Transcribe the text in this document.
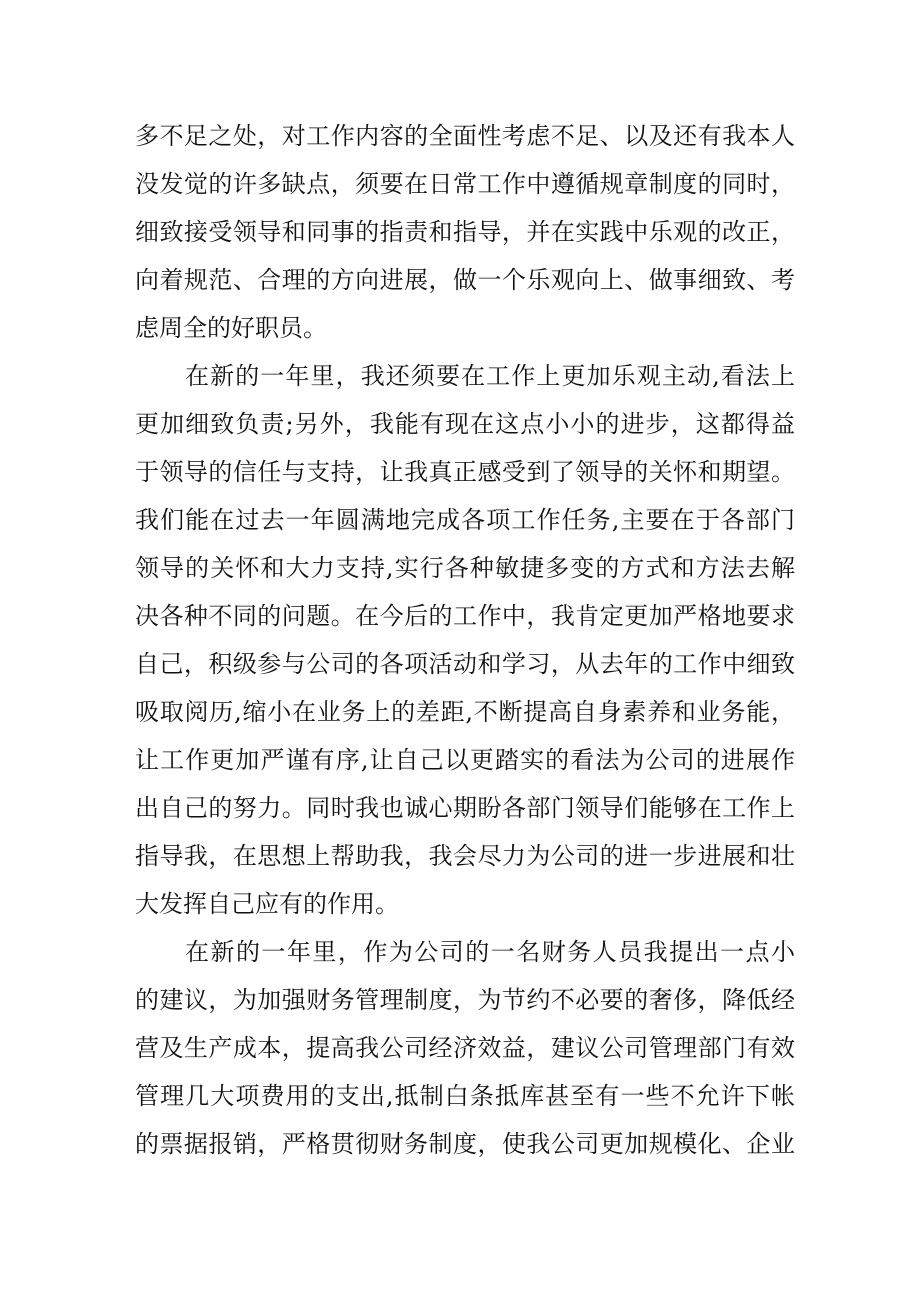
多不足之处，对工作内容的全面性考虑不足、以及还有我本人
没发觉的许多缺点，须要在日常工作中遵循规章制度的同时，
细致接受领导和同事的指责和指导，并在实践中乐观的改正，
向着规范、合理的方向进展，做一个乐观向上、做事细致、考
虑周全的好职员。
在新的一年里，我还须要在工作上更加乐观主动,看法上
更加细致负责;另外，我能有现在这点小小的进步，这都得益
于领导的信任与支持，让我真正感受到了领导的关怀和期望。
我们能在过去一年圆满地完成各项工作任务,主要在于各部门
领导的关怀和大力支持,实行各种敏捷多变的方式和方法去解
决各种不同的问题。在今后的工作中，我肯定更加严格地要求
自己，积级参与公司的各项活动和学习，从去年的工作中细致
吸取阅历,缩小在业务上的差距,不断提高自身素养和业务能，
让工作更加严谨有序,让自己以更踏实的看法为公司的进展作
出自己的努力。同时我也诚心期盼各部门领导们能够在工作上
指导我，在思想上帮助我，我会尽力为公司的进一步进展和壮
大发挥自己应有的作用。
在新的一年里，作为公司的一名财务人员我提出一点小
的建议，为加强财务管理制度，为节约不必要的奢侈，降低经
营及生产成本，提高我公司经济效益，建议公司管理部门有效
管理几大项费用的支出,抵制白条抵库甚至有一些不允许下帐
的票据报销，严格贯彻财务制度，使我公司更加规模化、企业
